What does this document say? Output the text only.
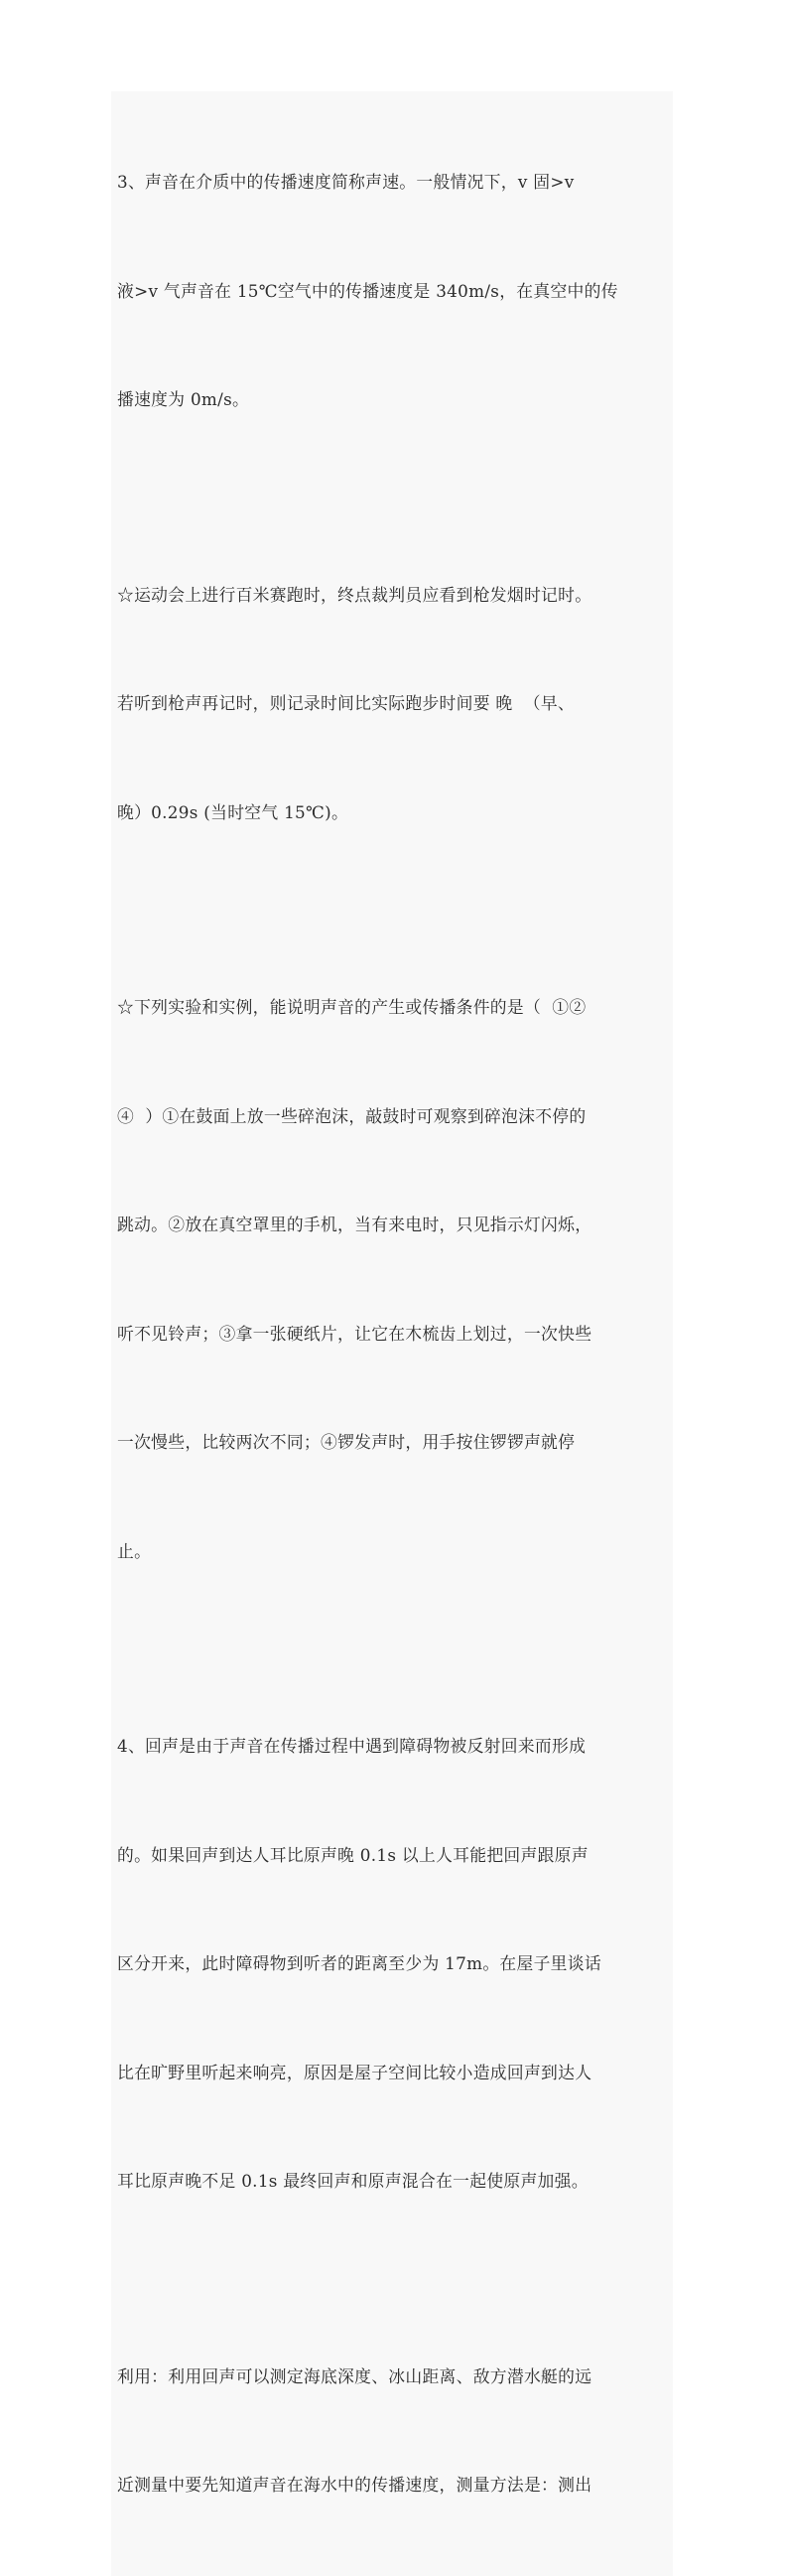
3、声音在介质中的传播速度简称声速。一般情况下，v 固>v

液>v 气声音在 15℃空气中的传播速度是 340m/s，在真空中的传

播速度为 0m/s。

☆运动会上进行百米赛跑时，终点裁判员应看到枪发烟时记时。

若听到枪声再记时，则记录时间比实际跑步时间要 晚  （早、

晚）0.29s (当时空气 15℃)。

☆下列实验和实例，能说明声音的产生或传播条件的是（  ①②

④  ）①在鼓面上放一些碎泡沫，敲鼓时可观察到碎泡沫不停的

跳动。②放在真空罩里的手机，当有来电时，只见指示灯闪烁，

听不见铃声；③拿一张硬纸片，让它在木梳齿上划过，一次快些

一次慢些，比较两次不同；④锣发声时，用手按住锣锣声就停

止。

4、回声是由于声音在传播过程中遇到障碍物被反射回来而形成

的。如果回声到达人耳比原声晚 0.1s 以上人耳能把回声跟原声

区分开来，此时障碍物到听者的距离至少为 17m。在屋子里谈话

比在旷野里听起来响亮，原因是屋子空间比较小造成回声到达人

耳比原声晚不足 0.1s 最终回声和原声混合在一起使原声加强。

利用：利用回声可以测定海底深度、冰山距离、敌方潜水艇的远

近测量中要先知道声音在海水中的传播速度，测量方法是：测出
